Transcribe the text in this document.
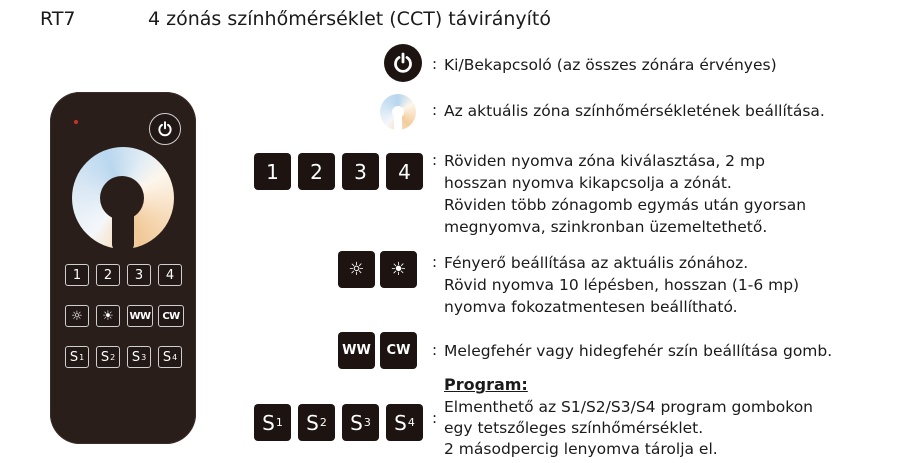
RT7	4 zónás színhőmérséklet (CCT) távirányító
1 2 3 4
☼ ☀ WW CW
S 1 S 2 S 3 S 4
: Ki/Bekapcsoló (az összes zónára érvényes)
: Az aktuális zóna színhőmérsékletének beállítása.
1 2 3 4 : Röviden nyomva zóna kiválasztása, 2 mp
hosszan nyomva kikapcsolja a zónát.
Röviden több zónagomb egymás után gyorsan
megnyomva, szinkronban üzemeltethető.
☼ ☀ : Fényerő beállítása az aktuális zónához.
Rövid nyomva 10 lépésben, hosszan (1-6 mp)
nyomva fokozatmentesen beállítható.
WW CW : Melegfehér vagy hidegfehér szín beállítása gomb.
S 1 S 2 S 3 S 4 :
Program:
Elmenthető az S1/S2/S3/S4 program gombokon
egy tetszőleges színhőmérséklet.
2 másodpercig lenyomva tárolja el.
